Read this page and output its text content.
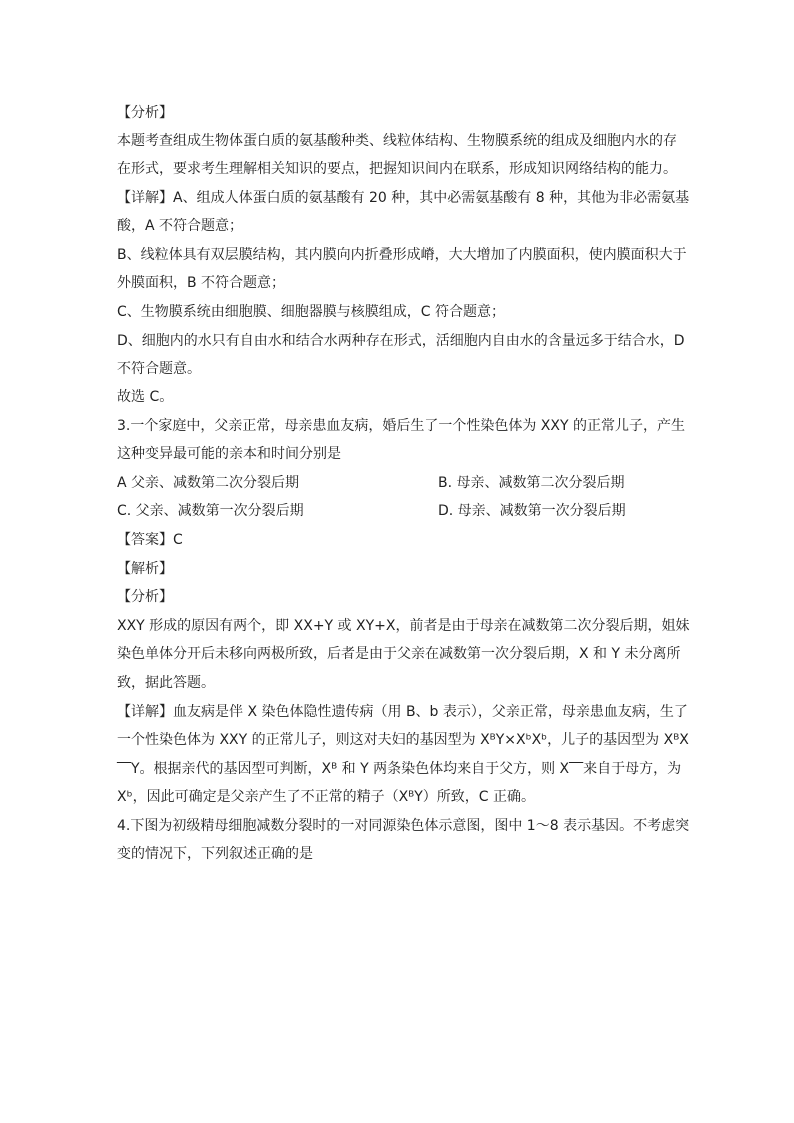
【分析】
本题考查组成生物体蛋白质的氨基酸种类、线粒体结构、生物膜系统的组成及细胞内水的存
在形式，要求考生理解相关知识的要点，把握知识间内在联系，形成知识网络结构的能力。
【详解】A、组成人体蛋白质的氨基酸有 20 种，其中必需氨基酸有 8 种，其他为非必需氨基
酸，A 不符合题意；
B、线粒体具有双层膜结构，其内膜向内折叠形成嵴，大大增加了内膜面积，使内膜面积大于
外膜面积，B 不符合题意；
C、生物膜系统由细胞膜、细胞器膜与核膜组成，C 符合题意；
D、细胞内的水只有自由水和结合水两种存在形式，活细胞内自由水的含量远多于结合水，D
不符合题意。
故选 C。
3.一个家庭中，父亲正常，母亲患血友病，婚后生了一个性染色体为 XXY 的正常儿子，产生
这种变异最可能的亲本和时间分别是
A 父亲、减数第二次分裂后期	B. 母亲、减数第二次分裂后期
C. 父亲、减数第一次分裂后期	D. 母亲、减数第一次分裂后期
【答案】C
【解析】
【分析】
XXY 形成的原因有两个，即 XX+Y 或 XY+X，前者是由于母亲在减数第二次分裂后期，姐妹
染色单体分开后未移向两极所致，后者是由于父亲在减数第一次分裂后期，X 和 Y 未分离所
致，据此答题。
【详解】血友病是伴 X 染色体隐性遗传病（用 B、b 表示），父亲正常，母亲患血友病，生了
一个性染色体为 XXY 的正常儿子，则这对夫妇的基因型为 XᴮY×XᵇXᵇ，儿子的基因型为 XᴮX
‾‾Y。根据亲代的基因型可判断，Xᴮ 和 Y 两条染色体均来自于父方，则 X‾‾来自于母方，为
Xᵇ，因此可确定是父亲产生了不正常的精子（XᴮY）所致，C 正确。
4.下图为初级精母细胞减数分裂时的一对同源染色体示意图，图中 1～8 表示基因。不考虑突
变的情况下，下列叙述正确的是
